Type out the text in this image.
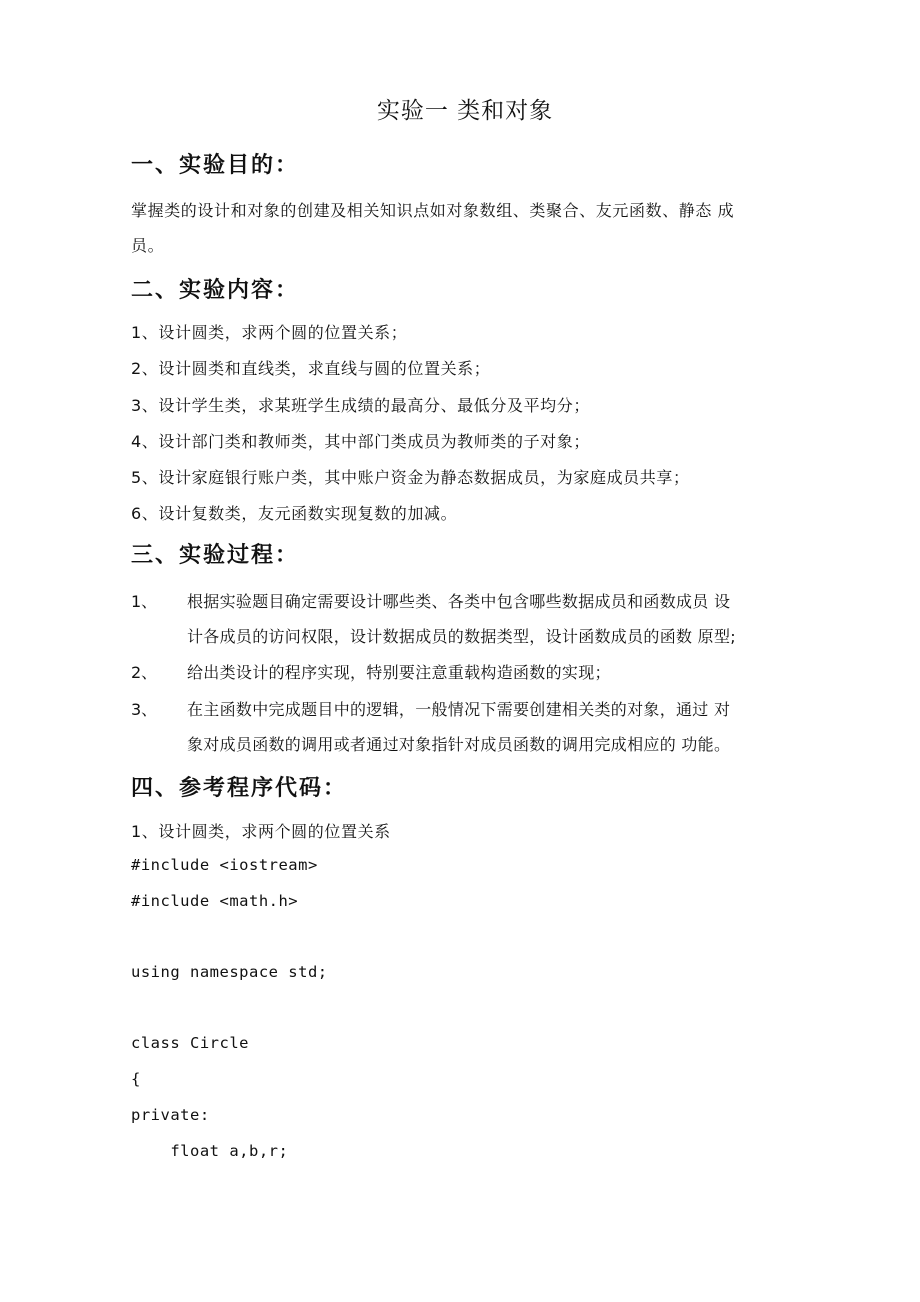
实验一 类和对象
一、实验目的：
掌握类的设计和对象的创建及相关知识点如对象数组、类聚合、友元函数、静态 成
员。
二、实验内容：
1、设计圆类，求两个圆的位置关系；
2、设计圆类和直线类，求直线与圆的位置关系；
3、设计学生类，求某班学生成绩的最高分、最低分及平均分；
4、设计部门类和教师类，其中部门类成员为教师类的子对象；
5、设计家庭银行账户类，其中账户资金为静态数据成员，为家庭成员共享；
6、设计复数类，友元函数实现复数的加减。
三、实验过程：
1、 根据实验题目确定需要设计哪些类、各类中包含哪些数据成员和函数成员 设
计各成员的访问权限，设计数据成员的数据类型，设计函数成员的函数 原型;
2、 给出类设计的程序实现，特别要注意重载构造函数的实现；
3、 在主函数中完成题目中的逻辑，一般情况下需要创建相关类的对象，通过 对
象对成员函数的调用或者通过对象指针对成员函数的调用完成相应的 功能。
四、参考程序代码：
1、设计圆类，求两个圆的位置关系
#include <iostream>
#include <math.h>
using namespace std;
class Circle
{
private:
float a,b,r;
